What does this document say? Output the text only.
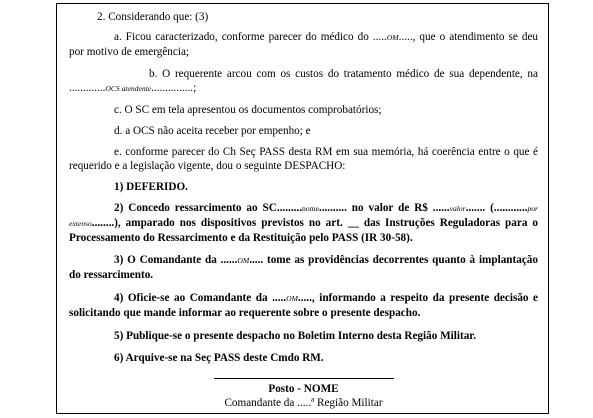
2. Considerando que: (3)

a. Ficou caracterizado, conforme parecer do médico do .....OM....., que o atendimento se deu por motivo de emergência;

b. O requerente arcou com os custos do tratamento médico de sua dependente, na .............OCS atendente...............;

c. O SC em tela apresentou os documentos comprobatórios;

d. a OCS não aceita receber por empenho; e

e. conforme parecer do Ch Seç PASS desta RM em sua memória, há coerência entre o que é requerido e a legislação vigente, dou o seguinte DESPACHO:

1) DEFERIDO.

2) Concedo ressarcimento ao SC.........nome.......... no valor de R$ ......valor....... (............por extenso........), amparado nos dispositivos previstos no art. __ das Instruções Reguladoras para o Processamento do Ressarcimento e da Restituição pelo PASS (IR 30-58).

3) O Comandante da ......OM..... tome as providências decorrentes quanto à implantação do ressarcimento.

4) Oficie-se ao Comandante da .....OM....., informando a respeito da presente decisão e solicitando que mande informar ao requerente sobre o presente despacho.

5) Publique-se o presente despacho no Boletim Interno desta Região Militar.

6) Arquive-se na Seç PASS deste Cmdo RM.

Posto - NOME

Comandante da .....ª Região Militar
